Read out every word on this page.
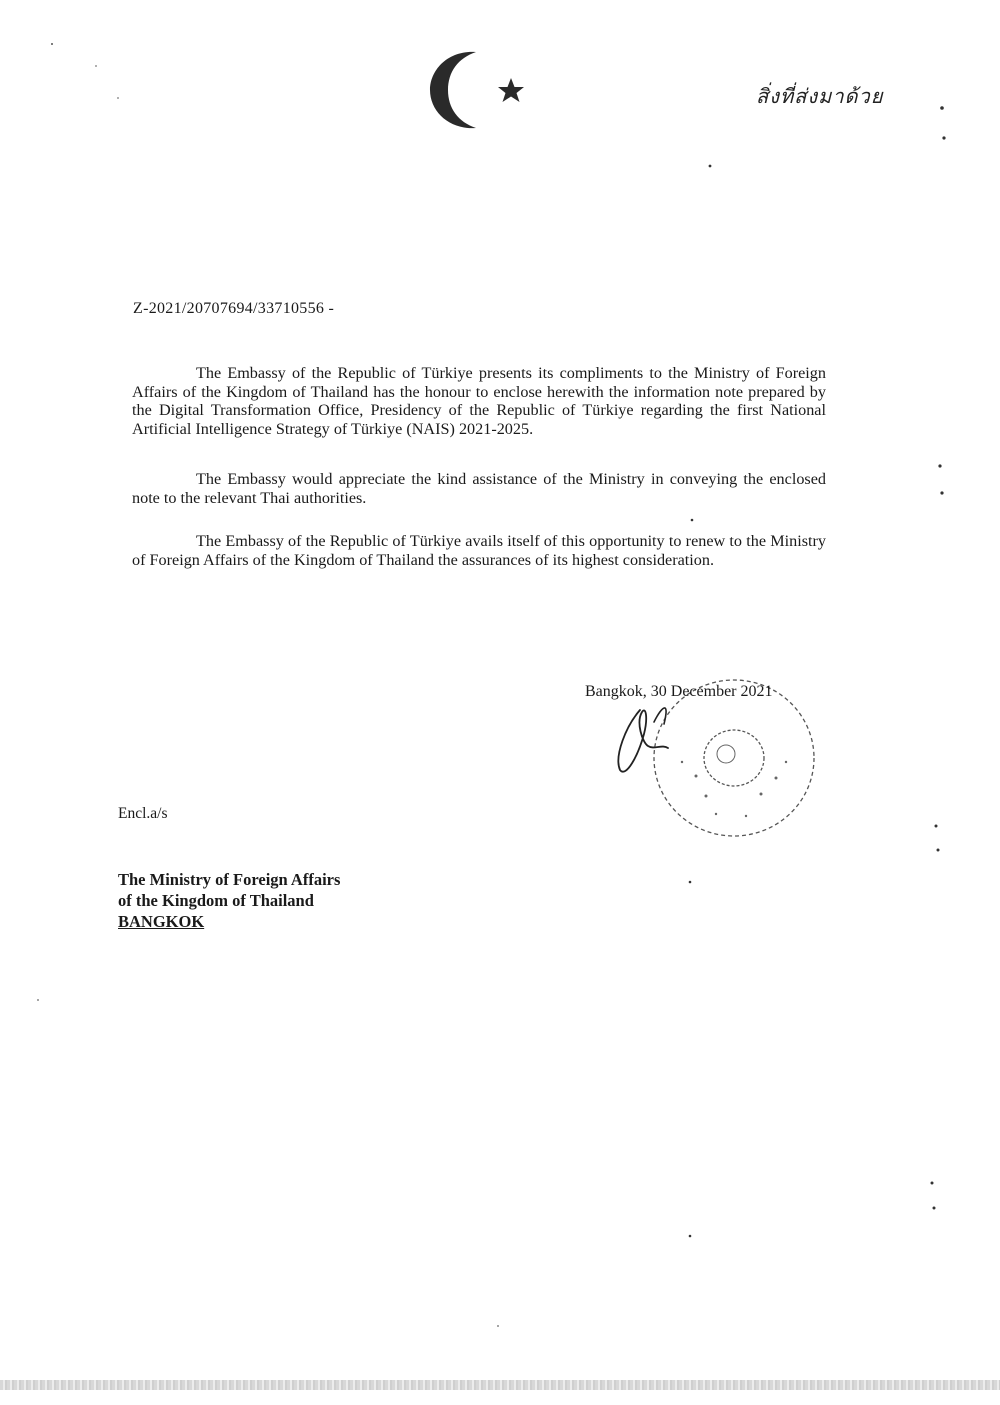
สิ่งที่ส่งมาด้วย
Z-2021/20707694/33710556 -

The Embassy of the Republic of Türkiye presents its compliments to the Ministry of Foreign Affairs of the Kingdom of Thailand has the honour to enclose herewith the information note prepared by the Digital Transformation Office, Presidency of the Republic of Türkiye regarding the first National Artificial Intelligence Strategy of Türkiye (NAIS) 2021-2025.

The Embassy would appreciate the kind assistance of the Ministry in conveying the enclosed note to the relevant Thai authorities.

The Embassy of the Republic of Türkiye avails itself of this opportunity to renew to the Ministry of Foreign Affairs of the Kingdom of Thailand the assurances of its highest consideration.

Bangkok, 30 December 2021
Encl.a/s
The Ministry of Foreign Affairs
of the Kingdom of Thailand
BANGKOK
